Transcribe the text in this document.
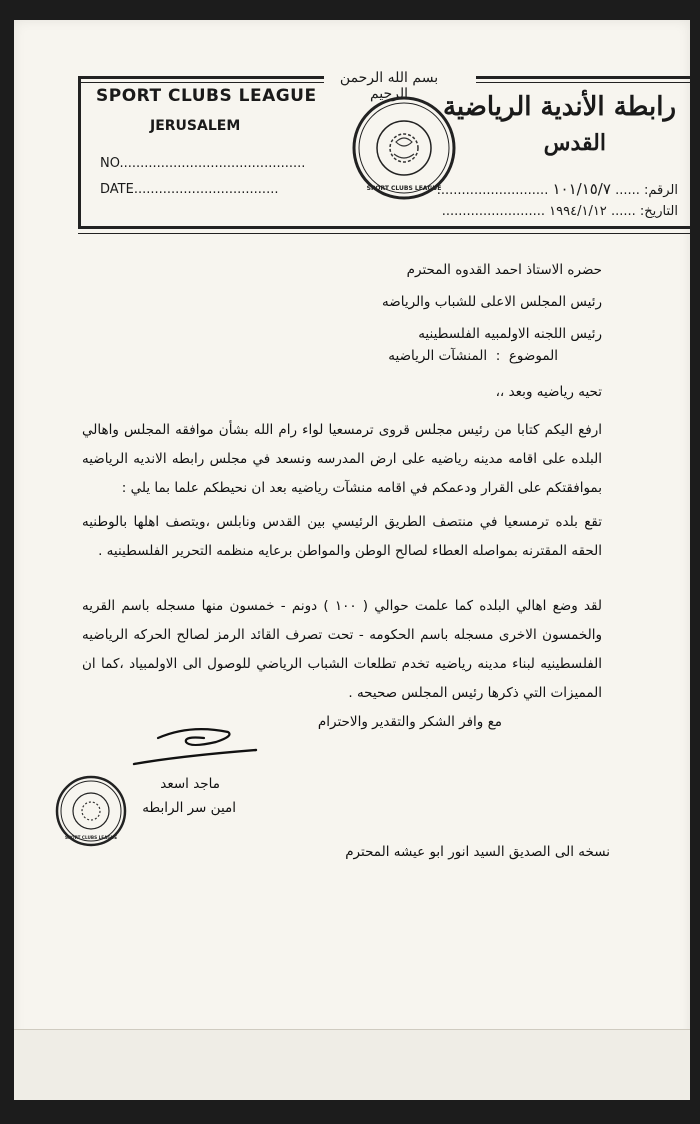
SPORT CLUBS LEAGUE
JERUSALEM
NO.............................................
DATE...................................
بسم الله الرحمن الرحيم
SPORT CLUBS LEAGUE
رابطة الأندية الرياضية
القدس
الرقم: ...... ١٠١/١٥/٧ ...........................
التاريخ: ...... ١٩٩٤/١/١٢ .........................
حضره الاستاذ احمد القدوه المحترم
رئيس المجلس الاعلى للشباب والرياضه
رئيس اللجنه الاولمبيه الفلسطينيه
الموضوع  :  المنشآت الرياضيه
تحيه رياضيه وبعد ،،
ارفع اليكم كتابا من رئيس مجلس قروى ترمسعيا لواء رام الله بشأن موافقه المجلس واهالي البلده على اقامه مدينه رياضيه على ارض المدرسه ونسعد في مجلس رابطه الانديه الرياضيه بموافقتكم على القرار ودعمكم في اقامه منشآت رياضيه بعد ان نحيطكم علما بما يلي :
تقع بلده ترمسعيا في منتصف الطريق الرئيسي بين القدس ونابلس ،ويتصف اهلها بالوطنيه الحقه المقترنه بمواصله العطاء لصالح الوطن والمواطن برعايه منظمه التحرير الفلسطينيه .
لقد وضع اهالي البلده كما علمت حوالي ( ١٠٠ ) دونم - خمسون منها مسجله باسم القريه والخمسون الاخرى مسجله باسم الحكومه - تحت تصرف القائد الرمز لصالح الحركه الرياضيه الفلسطينيه لبناء مدينه رياضيه تخدم تطلعات الشباب الرياضي للوصول الى الاولمبياد ،كما ان المميزات التي ذكرها رئيس المجلس صحيحه .
مع وافر الشكر والتقدير والاحترام
ماجد اسعد
امين سر الرابطه
SPORT CLUBS LEAGUE
نسخه الى الصديق السيد انور ابو عيشه المحترم
